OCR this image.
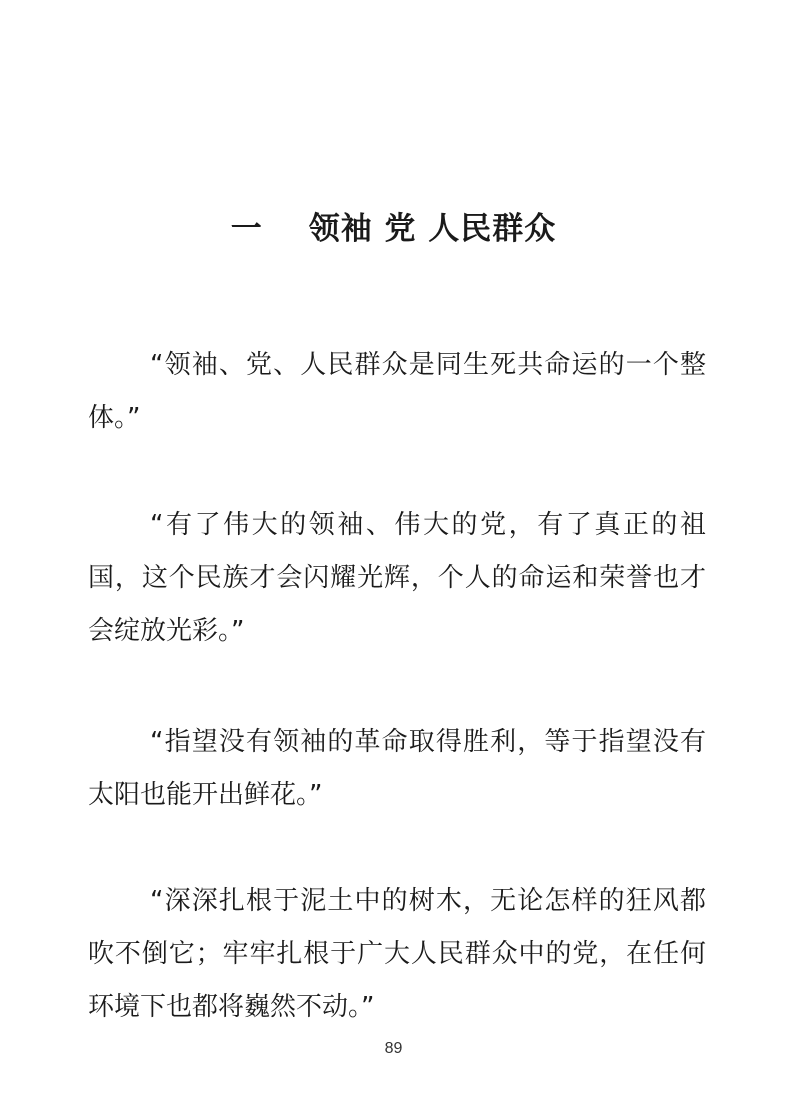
一 领袖 党 人民群众

“领袖、党、人民群众是同生死共命运的一个整体。”

“有了伟大的领袖、伟大的党，有了真正的祖国，这个民族才会闪耀光辉，个人的命运和荣誉也才会绽放光彩。”

“指望没有领袖的革命取得胜利，等于指望没有太阳也能开出鲜花。”

“深深扎根于泥土中的树木，无论怎样的狂风都吹不倒它；牢牢扎根于广大人民群众中的党，在任何环境下也都将巍然不动。”

89
